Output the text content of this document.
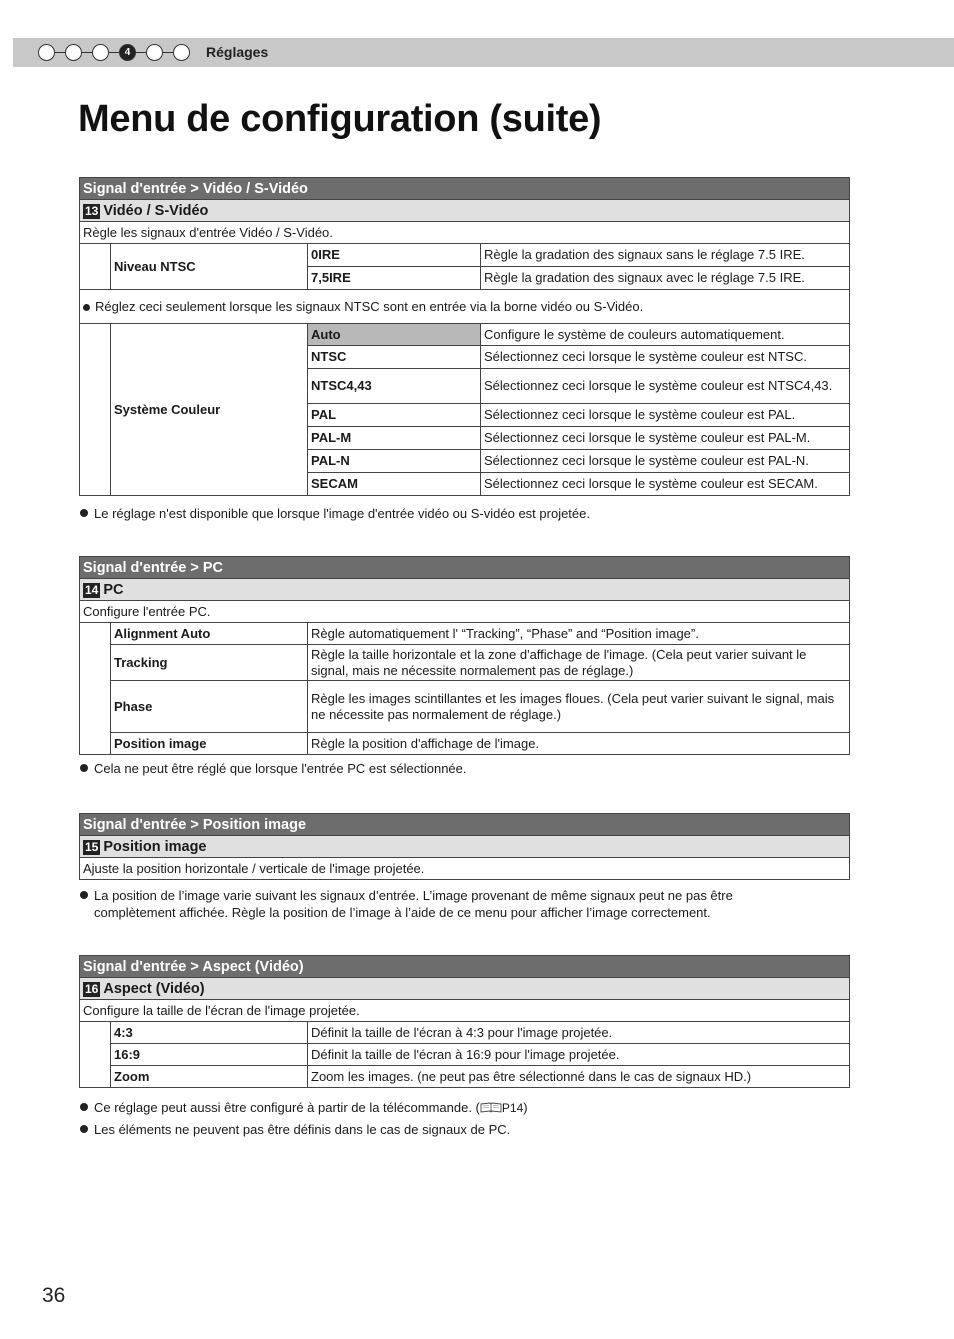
4	Réglages
Menu de configuration (suite)
Signal d'entrée > Vidéo / S-Vidéo			
13 Vidéo / S-Vidéo			
Règle les signaux d'entrée Vidéo / S-Vidéo.			
	Niveau NTSC	0IRE	Règle la gradation des signaux sans le réglage 7.5 IRE.
		7,5IRE	Règle la gradation des signaux avec le réglage 7.5 IRE.
Réglez ceci seulement lorsque les signaux NTSC sont en entrée via la borne vidéo ou S-Vidéo.			
	Système Couleur	Auto	Configure le système de couleurs automatiquement.
		NTSC	Sélectionnez ceci lorsque le système couleur est NTSC.
		NTSC4,43	Sélectionnez ceci lorsque le système couleur est NTSC4,43.
		PAL	Sélectionnez ceci lorsque le système couleur est PAL.
		PAL-M	Sélectionnez ceci lorsque le système couleur est PAL-M.
		PAL-N	Sélectionnez ceci lorsque le système couleur est PAL-N.
		SECAM	Sélectionnez ceci lorsque le système couleur est SECAM.
Le réglage n'est disponible que lorsque l'image d'entrée vidéo ou S-vidéo est projetée.
Signal d'entrée > PC		
14 PC		
Configure l'entrée PC.		
	Alignment Auto	Règle automatiquement l' “Tracking”, “Phase” and “Position image”.
	Tracking	Règle la taille horizontale et la zone d'affichage de l'image. (Cela peut varier suivant le signal, mais ne nécessite normalement pas de réglage.)
	Phase	Règle les images scintillantes et les images floues. (Cela peut varier suivant le signal, mais ne nécessite pas normalement de réglage.)
	Position image	Règle la position d'affichage de l'image.
Cela ne peut être réglé que lorsque l'entrée PC est sélectionnée.
Signal d'entrée > Position image
15 Position image
Ajuste la position horizontale / verticale de l'image projetée.
La position de l’image varie suivant les signaux d’entrée. L’image provenant de même signaux peut ne pas être complètement affichée. Règle la position de l’image à l’aide de ce menu pour afficher l’image correctement.
Signal d'entrée > Aspect (Vidéo)		
16 Aspect (Vidéo)		
Configure la taille de l'écran de l'image projetée.		
	4:3	Définit la taille de l'écran à 4:3 pour l'image projetée.
	16:9	Définit la taille de l'écran à 16:9 pour l'image projetée.
	Zoom	Zoom les images. (ne peut pas être sélectionné dans le cas de signaux HD.)
Ce réglage peut aussi être configuré à partir de la télécommande. ( P14)
Les éléments ne peuvent pas être définis dans le cas de signaux de PC.
36
